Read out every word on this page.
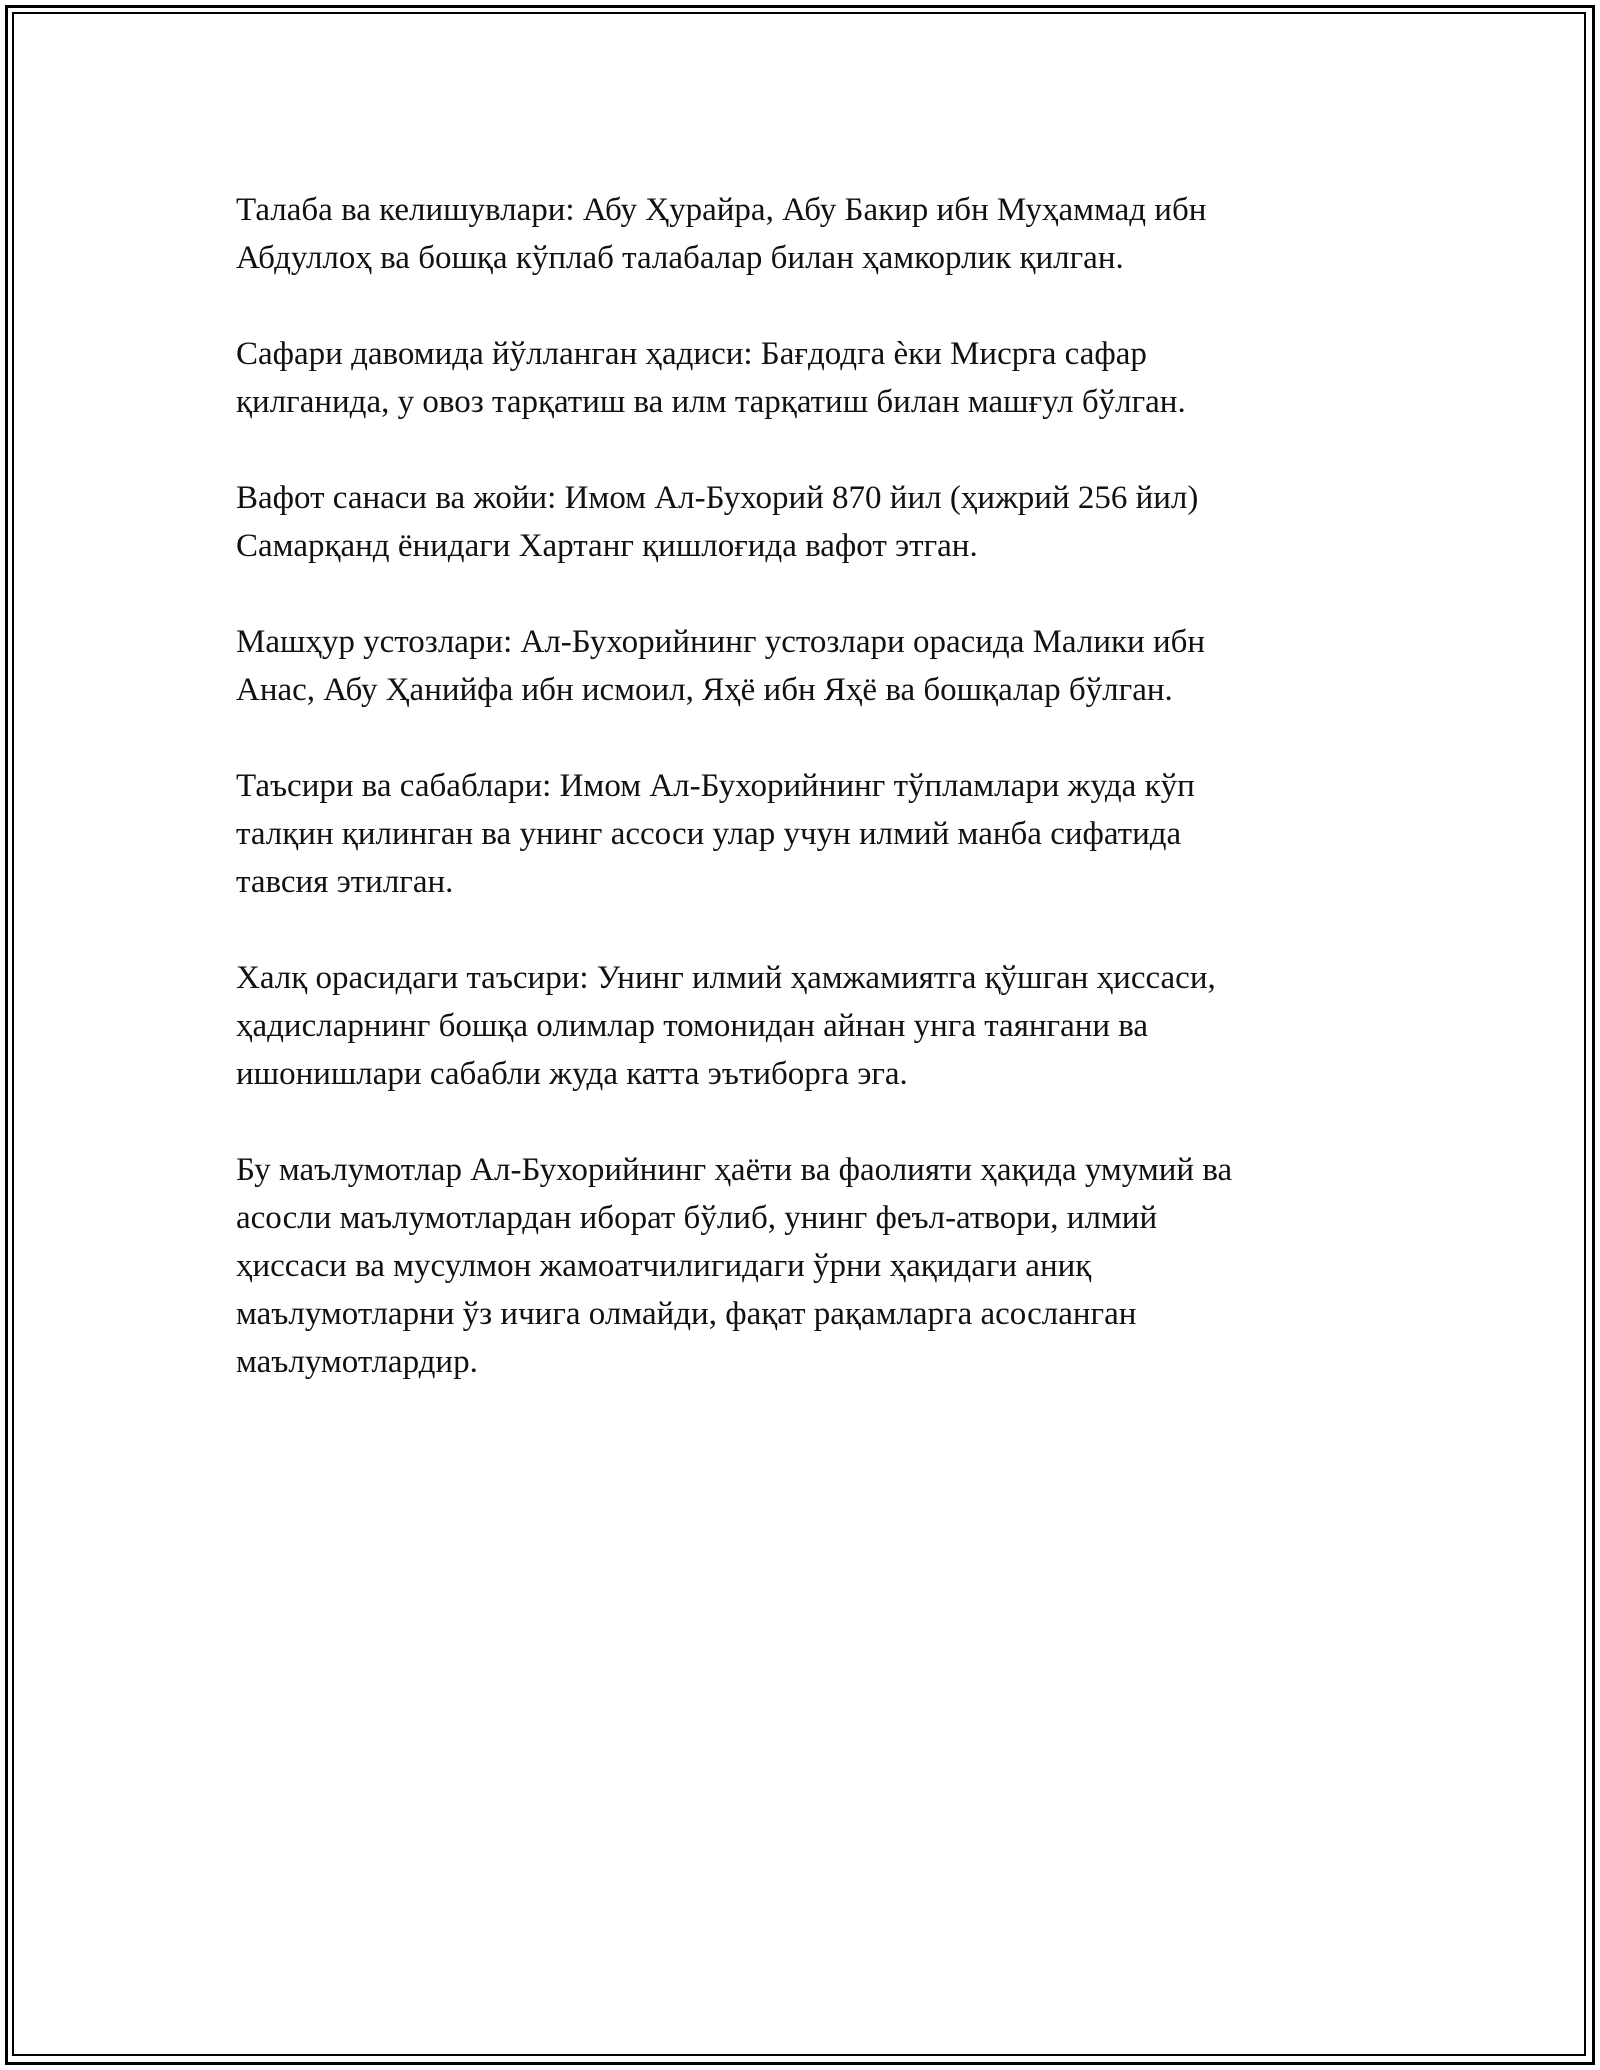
Талаба ва келишувлари: Абу Ҳурайра, Абу Бакир ибн Муҳаммад ибн
Абдуллоҳ ва бошқа кўплаб талабалар билан ҳамкорлик қилган.

Сафари давомида йўлланган ҳадиси: Бағдодга ѐки Мисрга сафар
қилганида, у овоз тарқатиш ва илм тарқатиш билан машғул бўлган.

Вафот санаси ва жойи: Имом Ал-Бухорий 870 йил (ҳижрий 256 йил)
Самарқанд ёнидаги Хартанг қишлоғида вафот этган.

Машҳур устозлари: Ал-Бухорийнинг устозлари орасида Малики ибн
Анас, Абу Ҳанийфа ибн исмоил, Яҳё ибн Яҳё ва бошқалар бўлган.

Таъсири ва сабаблари: Имом Ал-Бухорийнинг тўпламлари жуда кўп
талқин қилинган ва унинг ассоси улар учун илмий манба сифатида
тавсия этилган.

Халқ орасидаги таъсири: Унинг илмий ҳамжамиятга қўшган ҳиссаси,
ҳадисларнинг бошқа олимлар томонидан айнан унга таянгани ва
ишонишлари сабабли жуда катта эътиборга эга.

Бу маълумотлар Ал-Бухорийнинг ҳаёти ва фаолияти ҳақида умумий ва
асосли маълумотлардан иборат бўлиб, унинг феъл-атвори, илмий
ҳиссаси ва мусулмон жамоатчилигидаги ўрни ҳақидаги аниқ
маълумотларни ўз ичига олмайди, фақат рақамларга асосланган
маълумотлардир.
